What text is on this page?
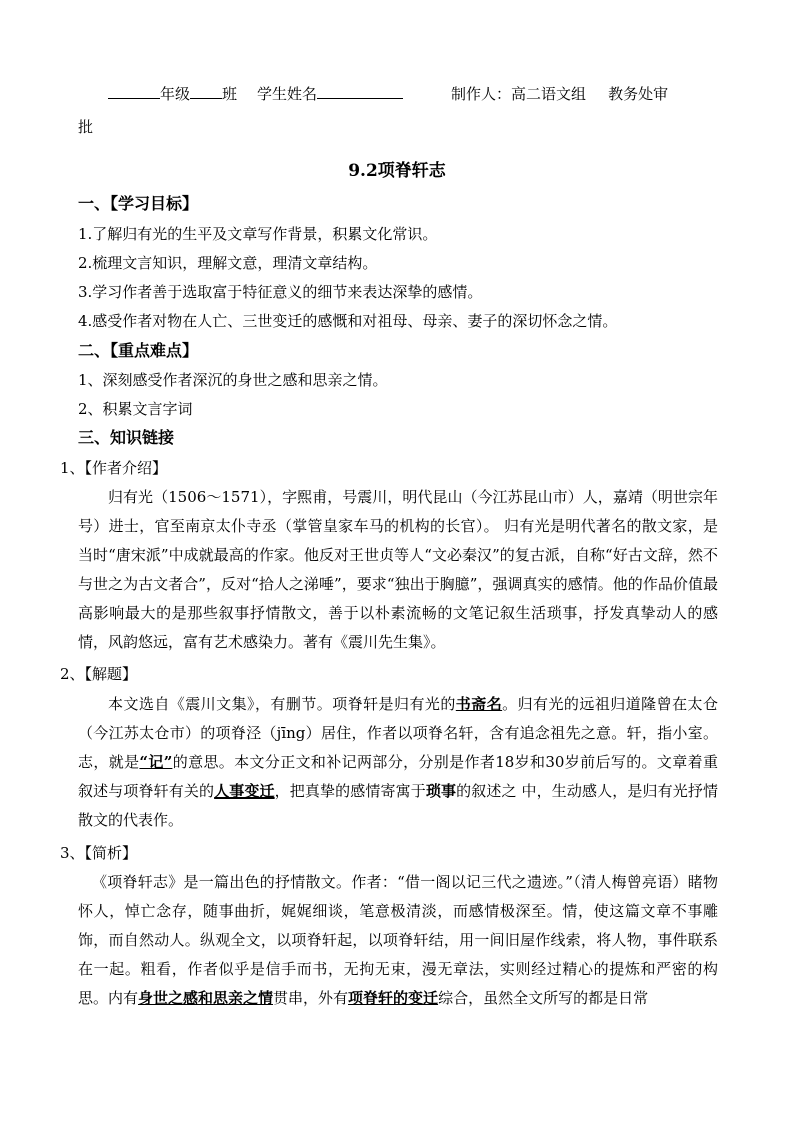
年级 班 学生姓名	制作人：高二语文组 教务处审
批
9.2项脊轩志
一、【学习目标】
1.了解归有光的生平及文章写作背景，积累文化常识。
2.梳理文言知识，理解文意，理清文章结构。
3.学习作者善于选取富于特征意义的细节来表达深挚的感情。
4.感受作者对物在人亡、三世变迁的感慨和对祖母、母亲、妻子的深切怀念之情。
二、【重点难点】
1、深刻感受作者深沉的身世之感和思亲之情。
2、积累文言字词
三、知识链接
1、【作者介绍】
归有光（1506～1571），字熙甫，号震川，明代昆山（今江苏昆山市）人，嘉靖（明世宗年号）进士，官至南京太仆寺丞（掌管皇家车马的机构的长官）。 归有光是明代著名的散文家，是当时“唐宋派”中成就最高的作家。他反对王世贞等人“文必秦汉”的复古派，自称“好古文辞，然不与世之为古文者合”，反对“拾人之涕唾”，要求“独出于胸臆”，强调真实的感情。他的作品价值最高影响最大的是那些叙事抒情散文，善于以朴素流畅的文笔记叙生活琐事，抒发真挚动人的感情，风韵悠远，富有艺术感染力。著有《震川先生集》。
2、【解题】
本文选自《震川文集》，有删节。项脊轩是归有光的书斋名。归有光的远祖归道隆曾在太仓（今江苏太仓市）的项脊泾（jīng）居住，作者以项脊名轩，含有追念祖先之意。轩，指小室。志，就是“记”的意思。本文分正文和补记两部分，分别是作者18岁和30岁前后写的。文章着重叙述与项脊轩有关的人事变迁，把真挚的感情寄寓于琐事的叙述之 中，生动感人，是归有光抒情散文的代表作。
3、【简析】
《项脊轩志》是一篇出色的抒情散文。作者：“借一阁以记三代之遗迹。”（清人梅曾亮语）睹物怀人，悼亡念存，随事曲折，娓娓细谈，笔意极清淡，而感情极深至。情，使这篇文章不事雕饰，而自然动人。纵观全文，以项脊轩起，以项脊轩结，用一间旧屋作线索，将人物，事件联系在一起。粗看，作者似乎是信手而书，无拘无束，漫无章法，实则经过精心的提炼和严密的构思。内有身世之感和思亲之情贯串，外有项脊轩的变迁综合，虽然全文所写的都是日常
